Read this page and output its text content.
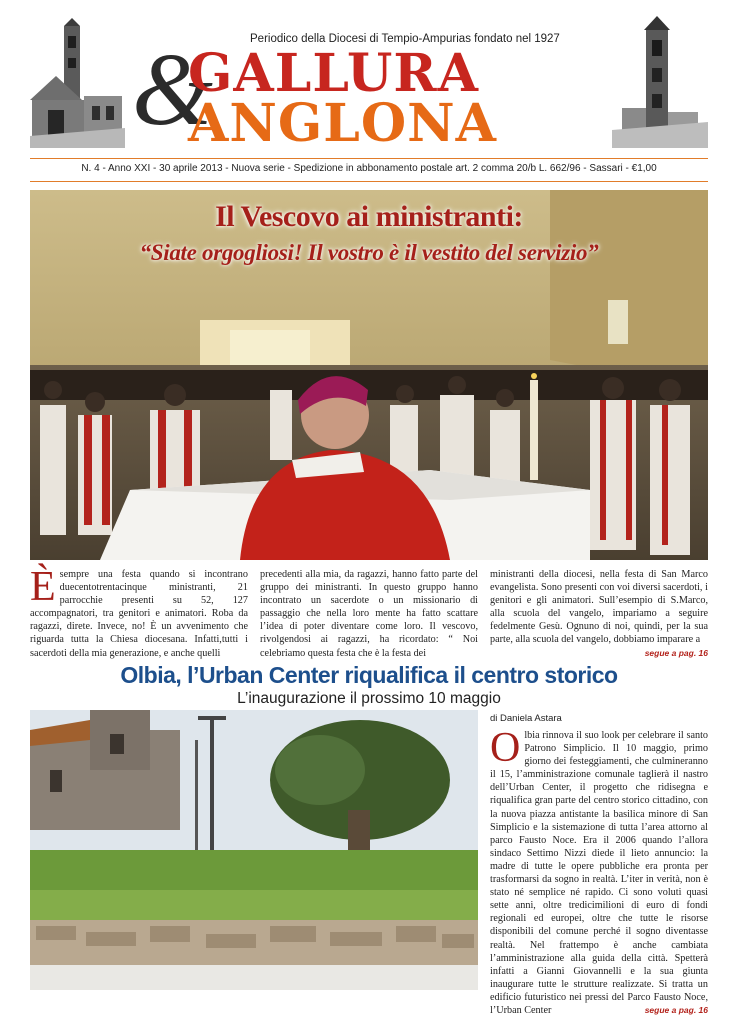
Periodico della Diocesi di Tempio-Ampurias fondato nel 1927
&
GALLURA
ANGLONA
N. 4 - Anno XXI - 30 aprile 2013 - Nuova serie - Spedizione in abbonamento postale art. 2 comma 20/b L. 662/96 - Sassari - €1,00
Il Vescovo ai ministranti:
“Siate orgogliosi! Il vostro è il vestito del servizio”
È sempre una festa quando si incontrano duecentotrentacinque ministranti, 21 parrocchie presenti su 52, 127 accompagnatori, tra genitori e animatori. Roba da ragazzi, direte. Invece, no! È un avvenimento che riguarda tutta la Chiesa diocesana. Infatti,tutti i sacerdoti della mia generazione, e anche quelli
precedenti alla mia, da ragazzi, hanno fatto parte del gruppo dei ministranti. In questo gruppo hanno incontrato un sacerdote o un missionario di passaggio che nella loro mente ha fatto scattare l’idea di poter diventare come loro. Il vescovo, rivolgendosi ai ragazzi, ha ricordato: “ Noi celebriamo questa festa che è la festa dei
ministranti della diocesi, nella festa di San Marco evangelista. Sono presenti con voi diversi sacerdoti, i genitori e gli animatori. Sull’esempio di S.Marco, alla scuola del vangelo, impariamo a seguire fedelmente Gesù. Ognuno di noi, quindi, per la sua parte, alla scuola del vangelo, dobbiamo imparare a
segue a pag. 16
Olbia, l’Urban Center riqualifica il centro storico
L’inaugurazione il prossimo 10 maggio
di Daniela Astara
O lbia rinnova il suo look per celebrare il santo Patrono Simplicio. Il 10 maggio, primo giorno dei festeggiamenti, che culmineranno il 15, l’amministrazione comunale taglierà il nastro dell’Urban Center, il progetto che ridisegna e riqualifica gran parte del centro storico cittadino, con la nuova piazza antistante la basilica minore di San Simplicio e la sistemazione di tutta l’area attorno al parco Fausto Noce. Era il 2006 quando l’allora sindaco Settimo Nizzi diede il lieto annuncio: la madre di tutte le opere pubbliche era pronta per trasformarsi da sogno in realtà. L’iter in verità, non è stato né semplice né rapido. Ci sono voluti quasi sette anni, oltre tredicimilioni di euro di fondi regionali ed europei, oltre che tutte le risorse disponibili del comune perché il sogno diventasse realtà. Nel frattempo è anche cambiata l’amministrazione alla guida della città. Spetterà infatti a Gianni Giovannelli e la sua giunta inaugurare tutte le strutture realizzate. Si tratta un edificio futuristico nei pressi del Parco Fausto Noce, l’Urban Center	segue a pag. 16
